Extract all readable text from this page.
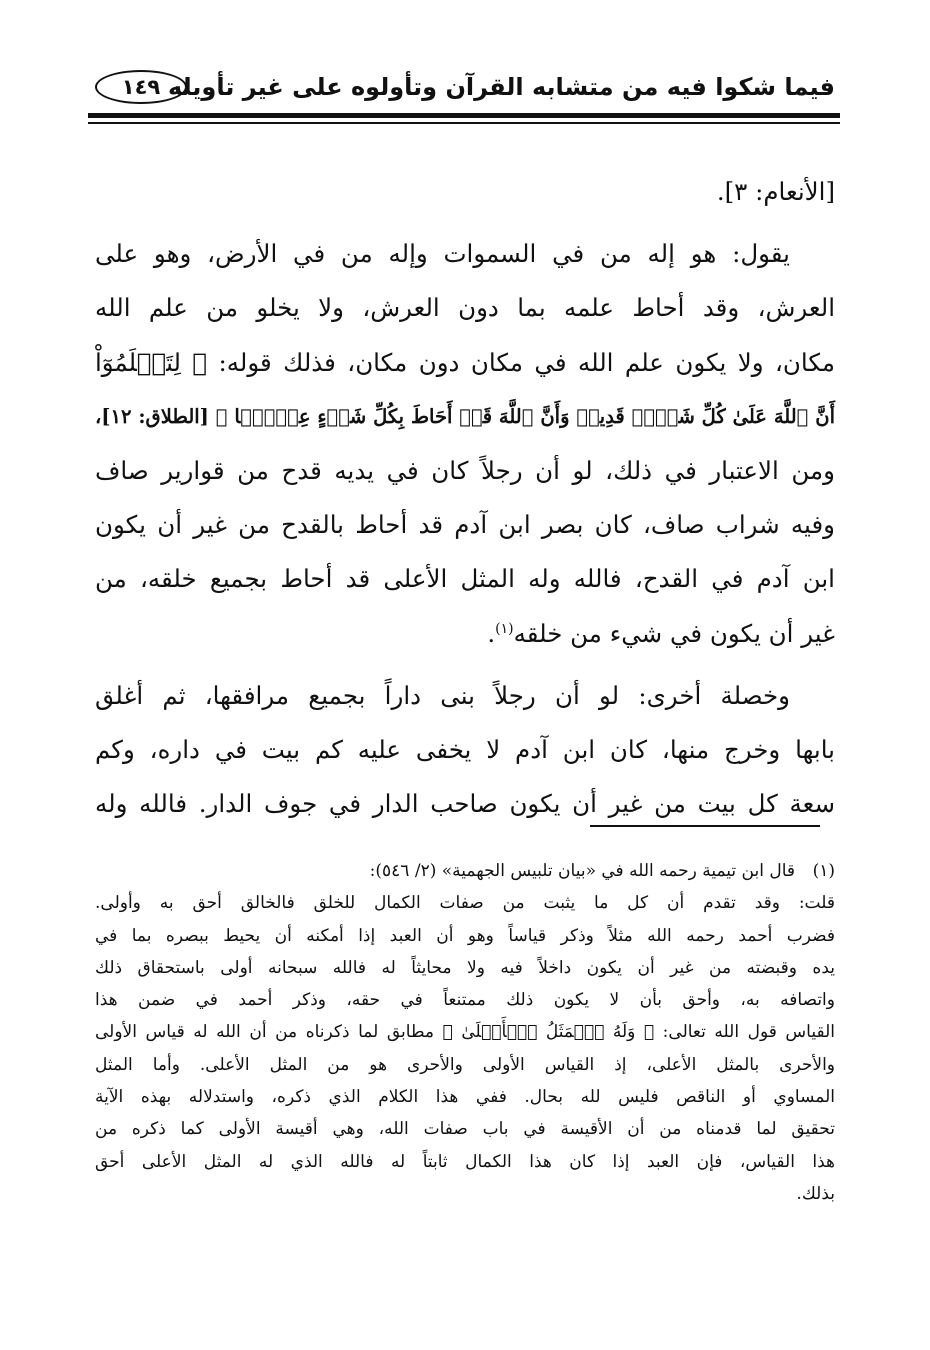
فيما شكوا فيه من متشابه القرآن وتأولوه على غير تأويله
١٤٩
[الأنعام: ٣].
يقول: هو إله من في السموات وإله من في الأرض، وهو على
العرش، وقد أحاط علمه بما دون العرش، ولا يخلو من علم الله
مكان، ولا يكون علم الله في مكان دون مكان، فذلك قوله: ﴿ لِتَعۡلَمُوٓاْ
أَنَّ ٱللَّهَ عَلَىٰ كُلِّ شَيۡءٖ قَدِيرٞ وَأَنَّ ٱللَّهَ قَدۡ أَحَاطَ بِكُلِّ شَيۡءٍ عِلۡمَۢا ﴾ [الطلاق: ١٢]،
ومن الاعتبار في ذلك، لو أن رجلاً كان في يديه قدح من قوارير صاف
وفيه شراب صاف، كان بصر ابن آدم قد أحاط بالقدح من غير أن يكون
ابن آدم في القدح، فالله وله المثل الأعلى قد أحاط بجميع خلقه، من
غير أن يكون في شيء من خلقه$^{(١)}$.
وخصلة أخرى: لو أن رجلاً بنى داراً بجميع مرافقها، ثم أغلق
بابها وخرج منها، كان ابن آدم لا يخفى عليه كم بيت في داره، وكم
سعة كل بيت من غير أن يكون صاحب الدار في جوف الدار. فالله وله
(١)قال ابن تيمية رحمه الله في «بيان تلبيس الجهمية» (٢/ ٥٤٦):
قلت: وقد تقدم أن كل ما يثبت من صفات الكمال للخلق فالخالق أحق به وأولى.
فضرب أحمد رحمه الله مثلاً وذكر قياساً وهو أن العبد إذا أمكنه أن يحيط ببصره بما في
يده وقبضته من غير أن يكون داخلاً فيه ولا محايثاً له فالله سبحانه أولى باستحقاق ذلك
واتصافه به، وأحق بأن لا يكون ذلك ممتنعاً في حقه، وذكر أحمد في ضمن هذا
القياس قول الله تعالى: ﴿ وَلَهُ ٱلۡمَثَلُ ٱلۡأَعۡلَىٰ ﴾ مطابق لما ذكرناه من أن الله له قياس الأولى
والأحرى بالمثل الأعلى، إذ القياس الأولى والأحرى هو من المثل الأعلى. وأما المثل
المساوي أو الناقص فليس لله بحال. ففي هذا الكلام الذي ذكره، واستدلاله بهذه الآية
تحقيق لما قدمناه من أن الأقيسة في باب صفات الله، وهي أقيسة الأولى كما ذكره من
هذا القياس، فإن العبد إذا كان هذا الكمال ثابتاً له فالله الذي له المثل الأعلى أحق
بذلك.
